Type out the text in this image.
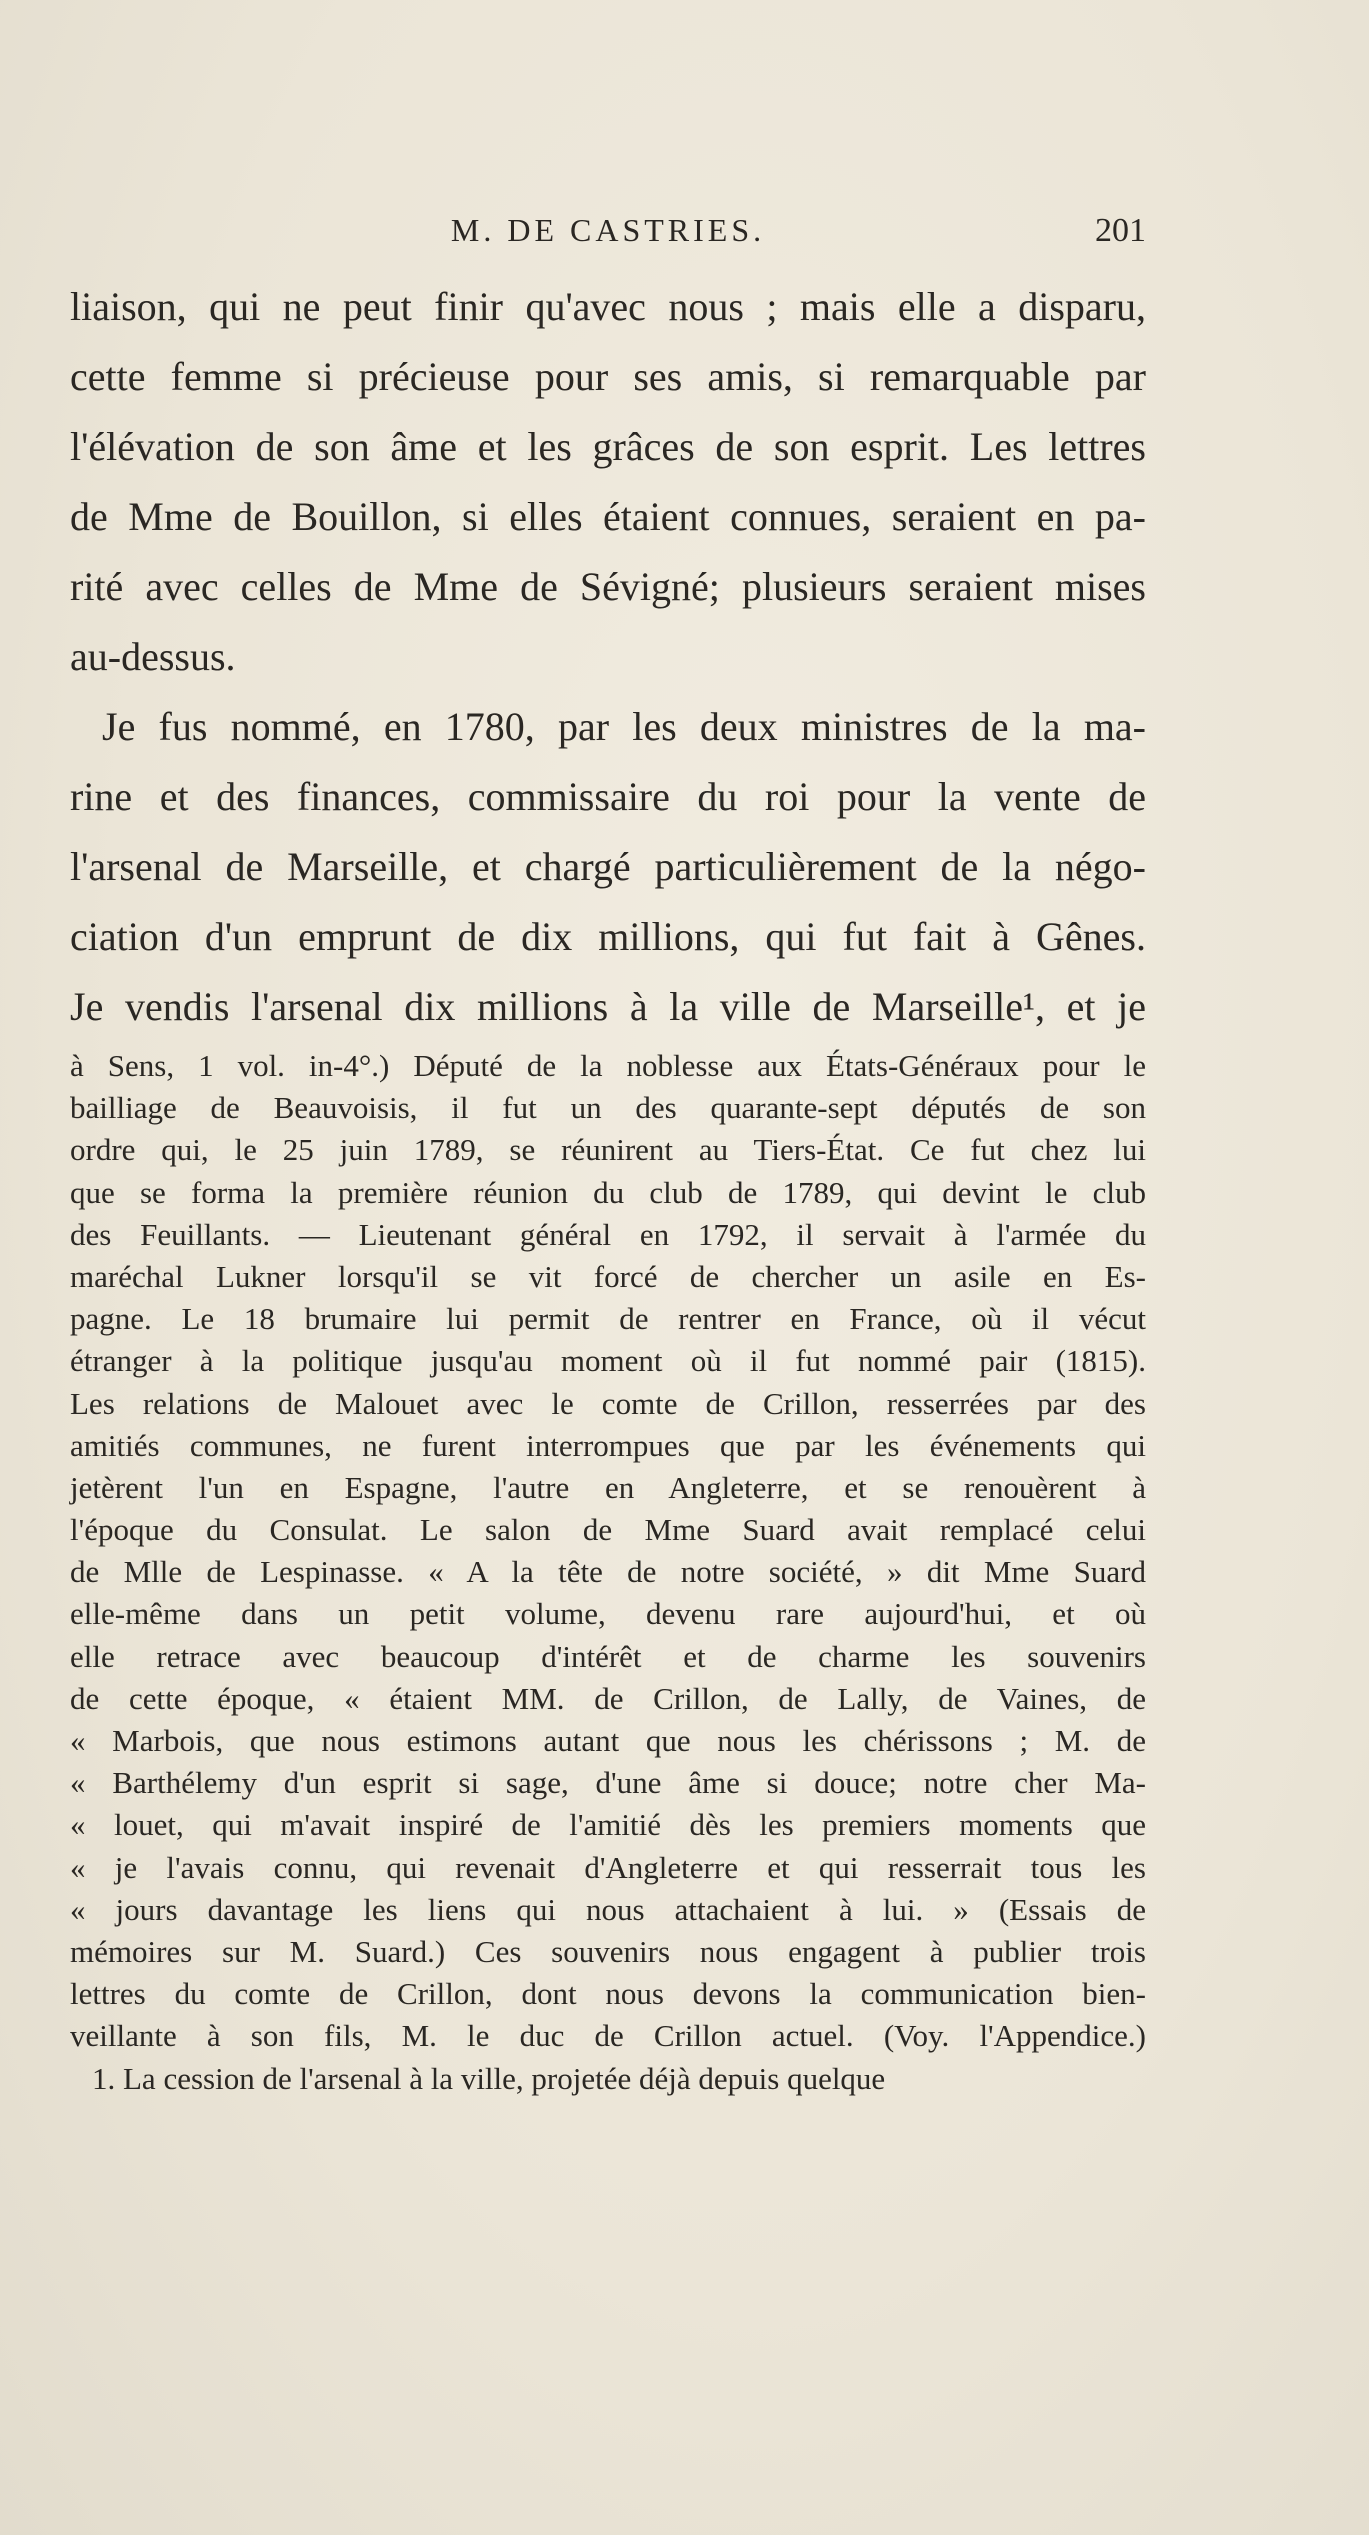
M. DE CASTRIES.	201
liaison, qui ne peut finir qu'avec nous ; mais elle a disparu,
cette femme si précieuse pour ses amis, si remarquable par
l'élévation de son âme et les grâces de son esprit. Les lettres
de Mme de Bouillon, si elles étaient connues, seraient en pa-
rité avec celles de Mme de Sévigné; plusieurs seraient mises
au-dessus.
Je fus nommé, en 1780, par les deux ministres de la ma-
rine et des finances, commissaire du roi pour la vente de
l'arsenal de Marseille, et chargé particulièrement de la négo-
ciation d'un emprunt de dix millions, qui fut fait à Gênes.
Je vendis l'arsenal dix millions à la ville de Marseille¹, et je
à Sens, 1 vol. in-4°.) Député de la noblesse aux États-Généraux pour le
bailliage de Beauvoisis, il fut un des quarante-sept députés de son
ordre qui, le 25 juin 1789, se réunirent au Tiers-État. Ce fut chez lui
que se forma la première réunion du club de 1789, qui devint le club
des Feuillants. — Lieutenant général en 1792, il servait à l'armée du
maréchal Lukner lorsqu'il se vit forcé de chercher un asile en Es-
pagne. Le 18 brumaire lui permit de rentrer en France, où il vécut
étranger à la politique jusqu'au moment où il fut nommé pair (1815).
Les relations de Malouet avec le comte de Crillon, resserrées par des
amitiés communes, ne furent interrompues que par les événements qui
jetèrent l'un en Espagne, l'autre en Angleterre, et se renouèrent à
l'époque du Consulat. Le salon de Mme Suard avait remplacé celui
de Mlle de Lespinasse. « A la tête de notre société, » dit Mme Suard
elle-même dans un petit volume, devenu rare aujourd'hui, et où
elle retrace avec beaucoup d'intérêt et de charme les souvenirs
de cette époque, « étaient MM. de Crillon, de Lally, de Vaines, de
« Marbois, que nous estimons autant que nous les chérissons ; M. de
« Barthélemy d'un esprit si sage, d'une âme si douce; notre cher Ma-
« louet, qui m'avait inspiré de l'amitié dès les premiers moments que
« je l'avais connu, qui revenait d'Angleterre et qui resserrait tous les
« jours davantage les liens qui nous attachaient à lui. » (Essais de
mémoires sur M. Suard.) Ces souvenirs nous engagent à publier trois
lettres du comte de Crillon, dont nous devons la communication bien-
veillante à son fils, M. le duc de Crillon actuel. (Voy. l'Appendice.)
1. La cession de l'arsenal à la ville, projetée déjà depuis quelque
